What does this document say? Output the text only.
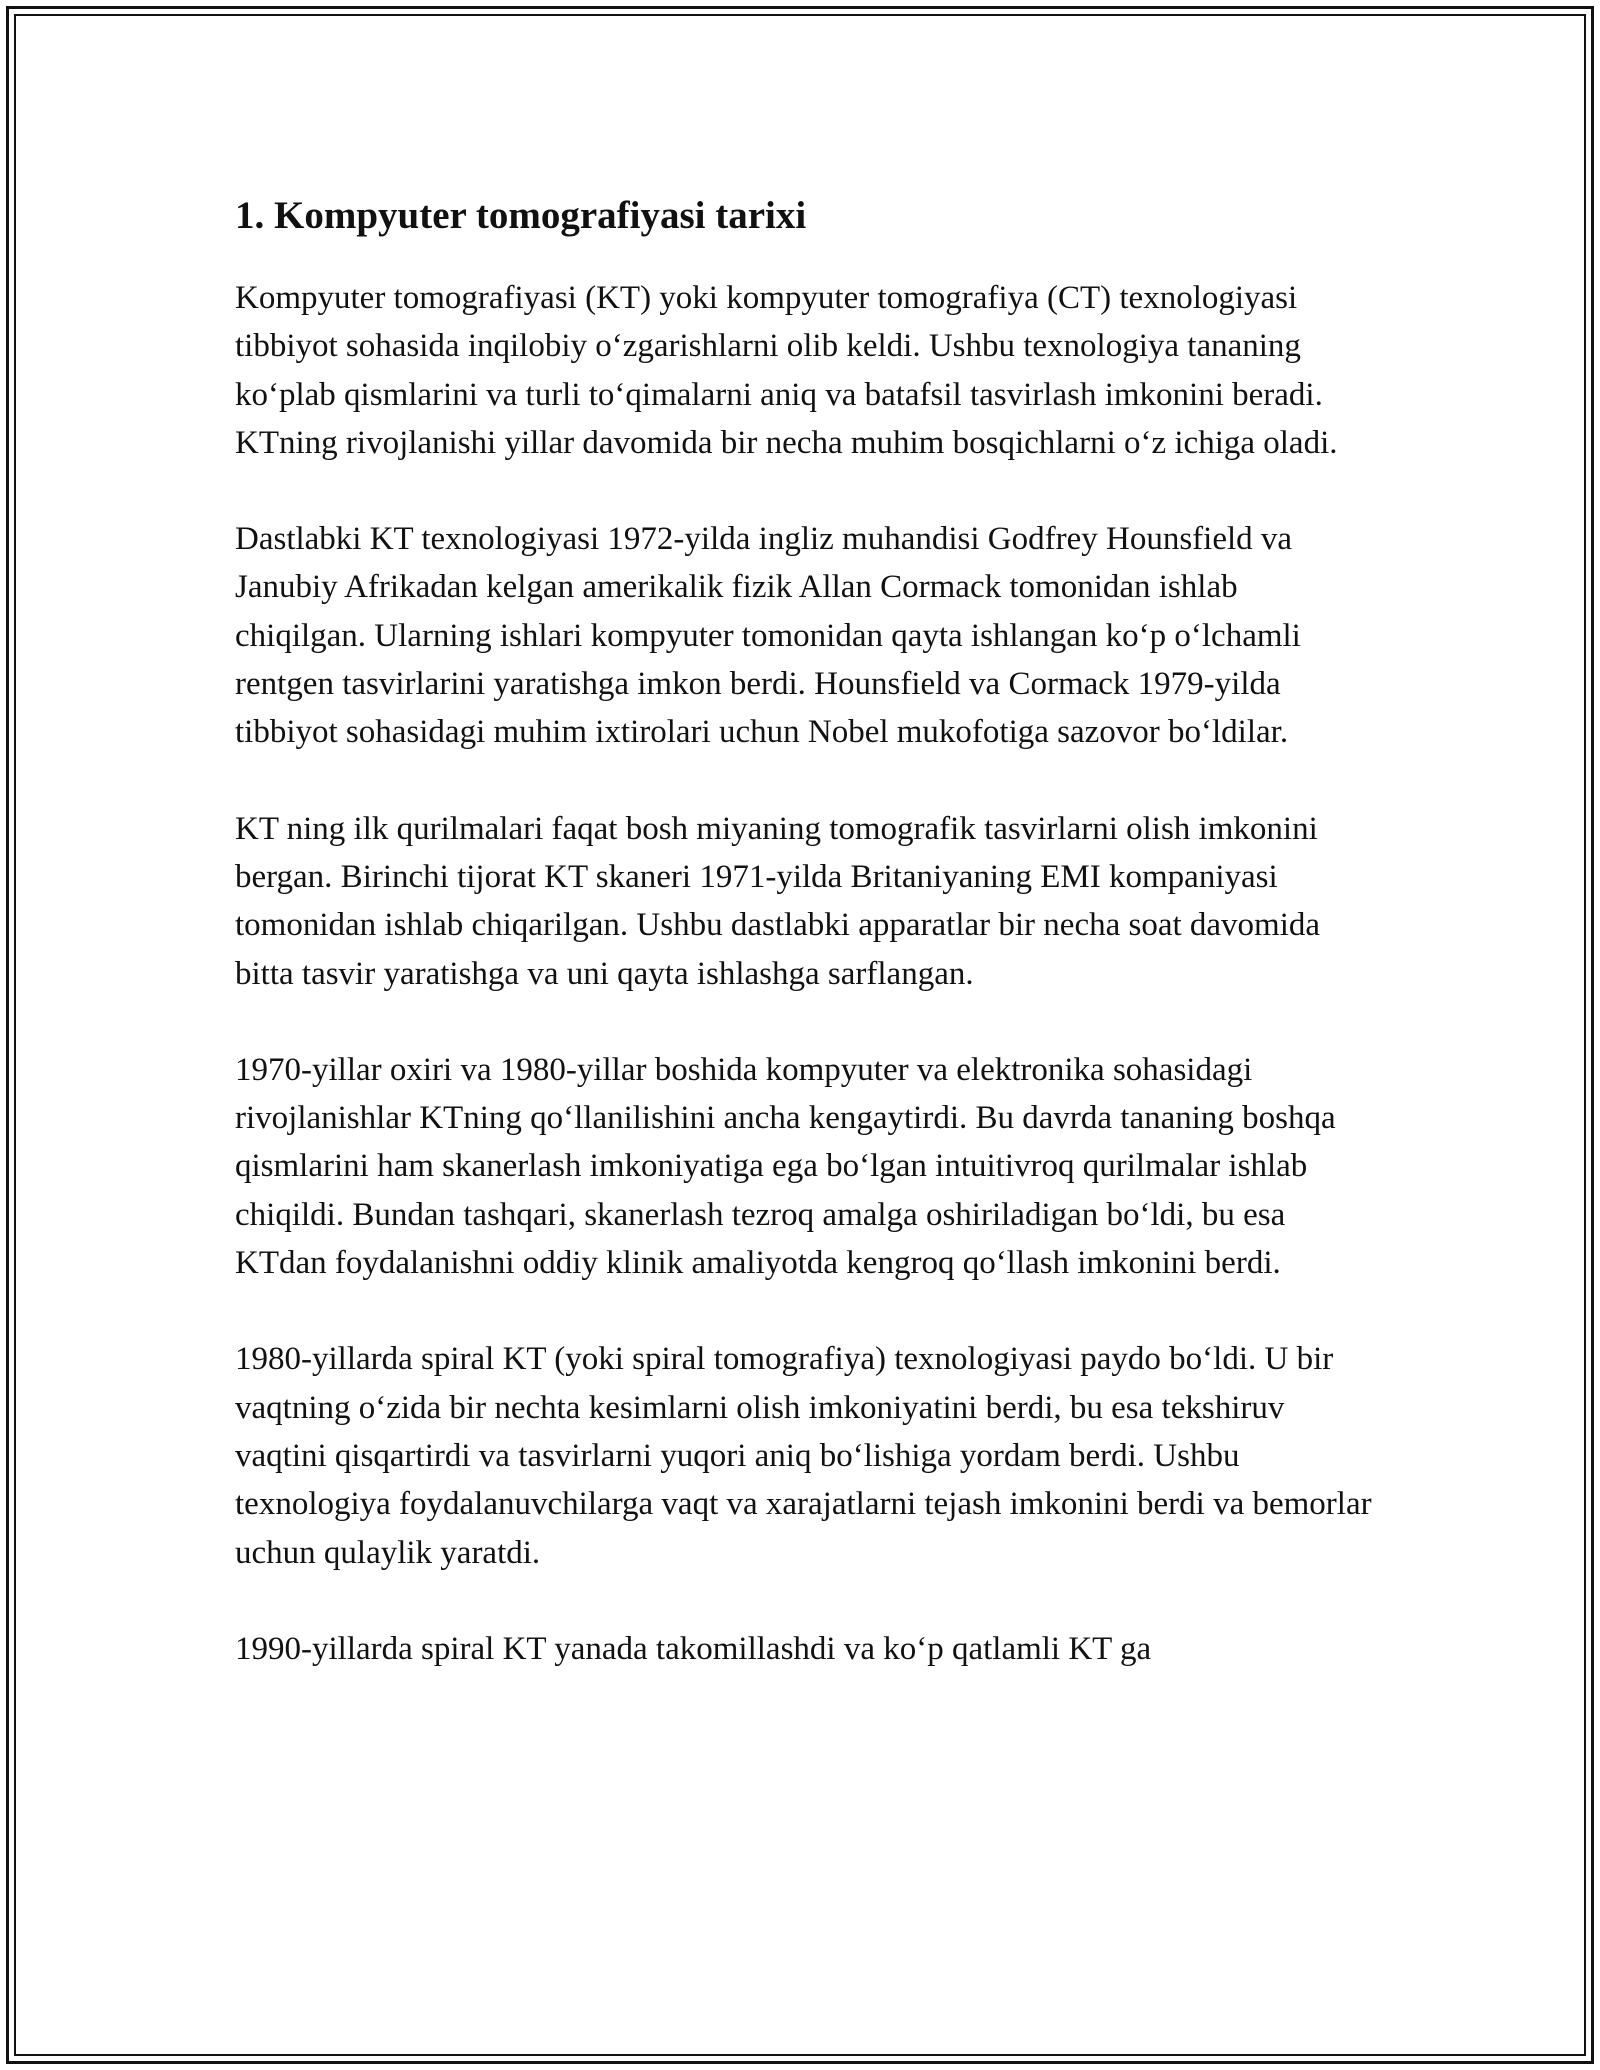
1. Kompyuter tomografiyasi tarixi

Kompyuter tomografiyasi (KT) yoki kompyuter tomografiya (CT) texnologiyasi tibbiyot sohasida inqilobiy oʻzgarishlarni olib keldi. Ushbu texnologiya tananing koʻplab qismlarini va turli toʻqimalarni aniq va batafsil tasvirlash imkonini beradi. KTning rivojlanishi yillar davomida bir necha muhim bosqichlarni oʻz ichiga oladi.

Dastlabki KT texnologiyasi 1972-yilda ingliz muhandisi Godfrey Hounsfield va Janubiy Afrikadan kelgan amerikalik fizik Allan Cormack tomonidan ishlab chiqilgan. Ularning ishlari kompyuter tomonidan qayta ishlangan koʻp oʻlchamli rentgen tasvirlarini yaratishga imkon berdi. Hounsfield va Cormack 1979-yilda tibbiyot sohasidagi muhim ixtirolari uchun Nobel mukofotiga sazovor boʻldilar.

KT ning ilk qurilmalari faqat bosh miyaning tomografik tasvirlarni olish imkonini bergan. Birinchi tijorat KT skaneri 1971-yilda Britaniyaning EMI kompaniyasi tomonidan ishlab chiqarilgan. Ushbu dastlabki apparatlar bir necha soat davomida bitta tasvir yaratishga va uni qayta ishlashga sarflangan.

1970-yillar oxiri va 1980-yillar boshida kompyuter va elektronika sohasidagi rivojlanishlar KTning qoʻllanilishini ancha kengaytirdi. Bu davrda tananing boshqa qismlarini ham skanerlash imkoniyatiga ega boʻlgan intuitivroq qurilmalar ishlab chiqildi. Bundan tashqari, skanerlash tezroq amalga oshiriladigan boʻldi, bu esa KTdan foydalanishni oddiy klinik amaliyotda kengroq qoʻllash imkonini berdi.

1980-yillarda spiral KT (yoki spiral tomografiya) texnologiyasi paydo boʻldi. U bir vaqtning oʻzida bir nechta kesimlarni olish imkoniyatini berdi, bu esa tekshiruv vaqtini qisqartirdi va tasvirlarni yuqori aniq boʻlishiga yordam berdi. Ushbu texnologiya foydalanuvchilarga vaqt va xarajatlarni tejash imkonini berdi va bemorlar uchun qulaylik yaratdi.

1990-yillarda spiral KT yanada takomillashdi va koʻp qatlamli KT ga
